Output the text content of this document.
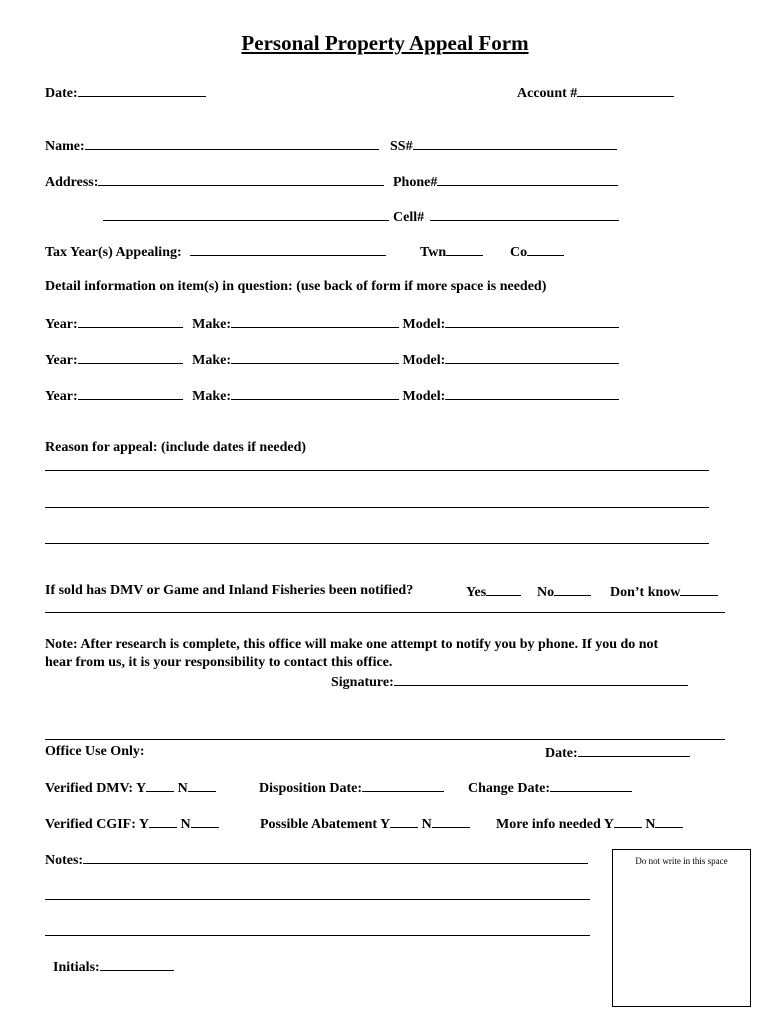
Personal Property Appeal Form
Date:	Account #
Name:	SS#
Address:	Phone#
Cell#
Tax Year(s) Appealing:	Twn	Co
Detail information on item(s) in question: (use back of form if more space is needed)
Year:	Make:	Model:
Year:	Make:	Model:
Year:	Make:	Model:
Reason for appeal: (include dates if needed)
If sold has DMV or Game and Inland Fisheries been notified?	Yes	No	Don’t know
Note: After research is complete, this office will make one attempt to notify you by phone. If you do not
hear from us, it is your responsibility to contact this office.
Signature:
Office Use Only:	Date:
Verified DMV: Y N	Disposition Date:	Change Date:
Verified CGIF: Y N	Possible Abatement Y N	More info needed Y N
Notes:
Initials:
Do not write in this space
